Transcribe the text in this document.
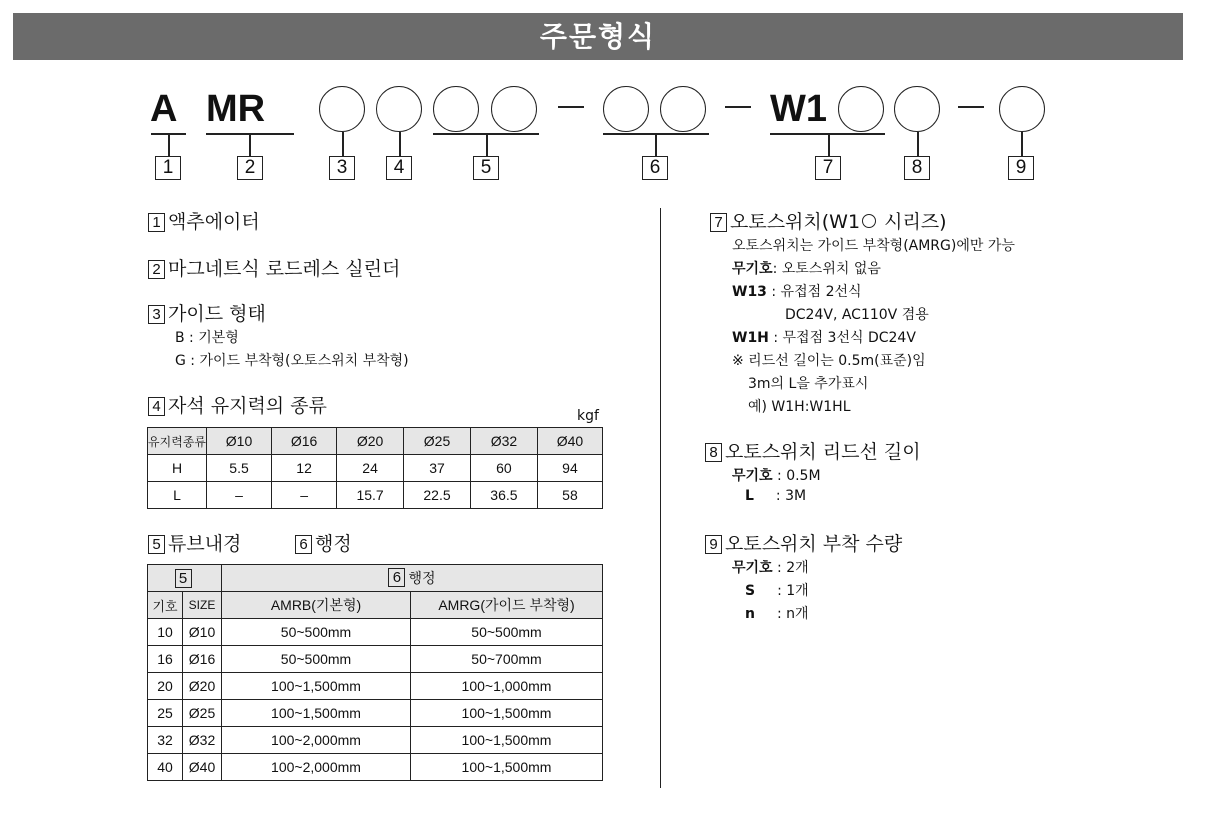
주문형식
A MR	W1
1	2	3	4	5	6	7	8	9
1 액추에이터
2 마그네트식 로드레스 실린더
3 가이드 형태
B : 기본형
G : 가이드 부착형(오토스위치 부착형)
4 자석 유지력의 종류	kgf
유지력종류	Ø10	Ø16	Ø20	Ø25	Ø32	Ø40
H	5.5	12	24	37	60	94
L	–	–	15.7	22.5	36.5	58
5 튜브내경	6 행정
5		6 행정	
기호	SIZE	AMRB(기본형)	AMRG(가이드 부착형)
10	Ø10	50~500mm	50~500mm
16	Ø16	50~500mm	50~700mm
20	Ø20	100~1,500mm	100~1,000mm
25	Ø25	100~1,500mm	100~1,500mm
32	Ø32	100~2,000mm	100~1,500mm
40	Ø40	100~2,000mm	100~1,500mm
7 오토스위치(W1 시리즈)
오토스위치는 가이드 부착형(AMRG)에만 가능
무기호: 오토스위치 없음
W13 : 유접점 2선식
DC24V, AC110V 겸용
W1H : 무접점 3선식 DC24V
※ 리드선 길이는 0.5m(표준)임
3m의 L을 추가표시
예) W1H:W1HL
8 오토스위치 리드선 길이
무기호 : 0.5M
L : 3M
9 오토스위치 부착 수량
무기호 : 2개
S : 1개
n : n개
